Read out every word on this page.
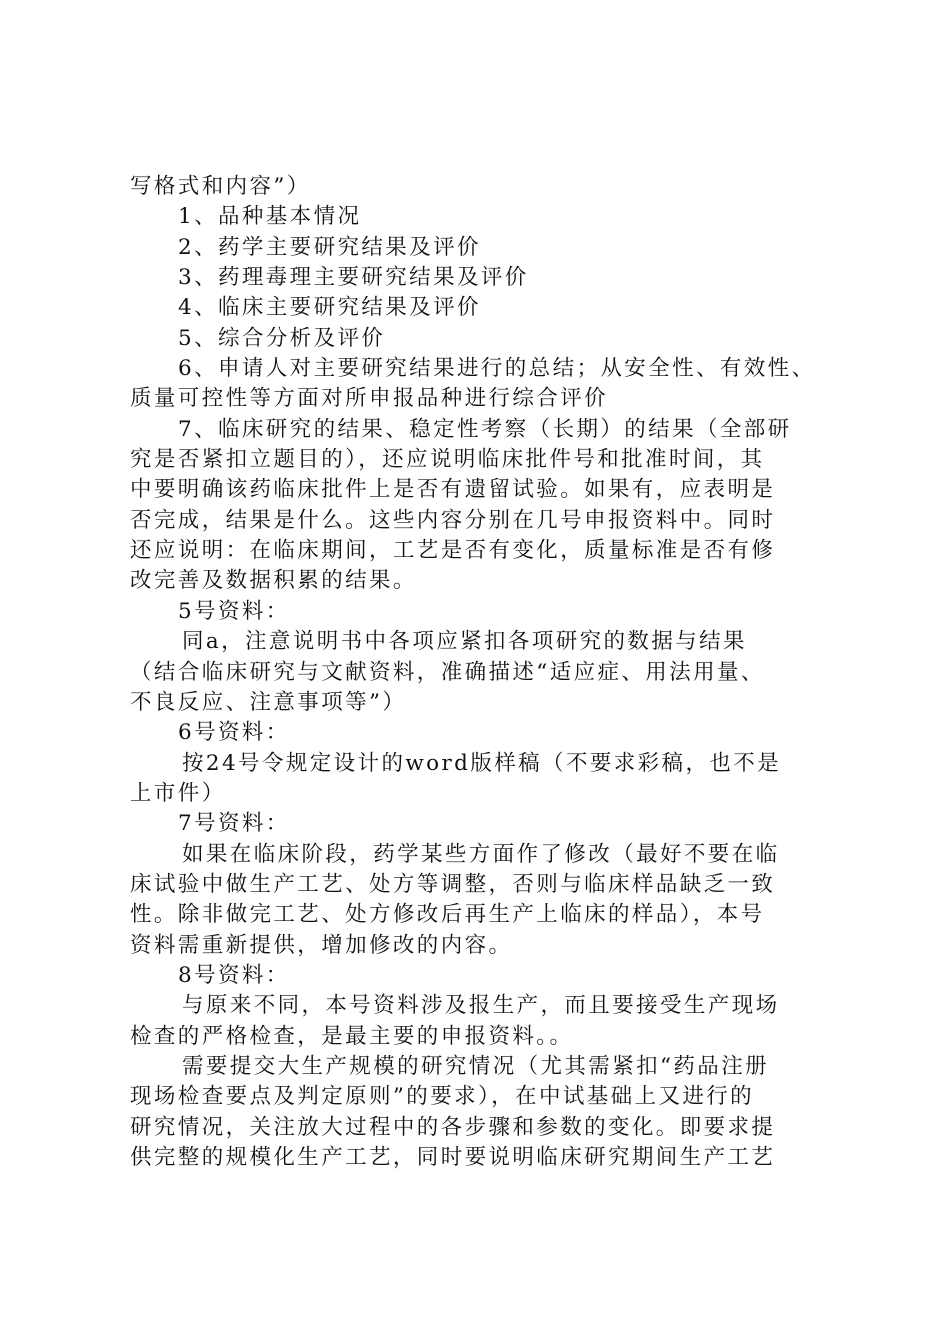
写格式和内容”）
1、品种基本情况
2、药学主要研究结果及评价
3、药理毒理主要研究结果及评价
4、临床主要研究结果及评价
5、综合分析及评价
6、申请人对主要研究结果进行的总结；从安全性、有效性、
质量可控性等方面对所申报品种进行综合评价
7、临床研究的结果、稳定性考察（长期）的结果（全部研
究是否紧扣立题目的），还应说明临床批件号和批准时间，其
中要明确该药临床批件上是否有遗留试验。如果有，应表明是
否完成，结果是什么。这些内容分别在几号申报资料中。同时
还应说明：在临床期间，工艺是否有变化，质量标准是否有修
改完善及数据积累的结果。
5号资料：
同a，注意说明书中各项应紧扣各项研究的数据与结果
（结合临床研究与文献资料，准确描述“适应症、用法用量、
不良反应、注意事项等”）
6号资料：
按24号令规定设计的word版样稿（不要求彩稿，也不是
上市件）
7号资料：
如果在临床阶段，药学某些方面作了修改（最好不要在临
床试验中做生产工艺、处方等调整，否则与临床样品缺乏一致
性。除非做完工艺、处方修改后再生产上临床的样品），本号
资料需重新提供，增加修改的内容。
8号资料：
与原来不同，本号资料涉及报生产，而且要接受生产现场
检查的严格检查，是最主要的申报资料。。
需要提交大生产规模的研究情况（尤其需紧扣“药品注册
现场检查要点及判定原则”的要求），在中试基础上又进行的
研究情况，关注放大过程中的各步骤和参数的变化。即要求提
供完整的规模化生产工艺，同时要说明临床研究期间生产工艺
